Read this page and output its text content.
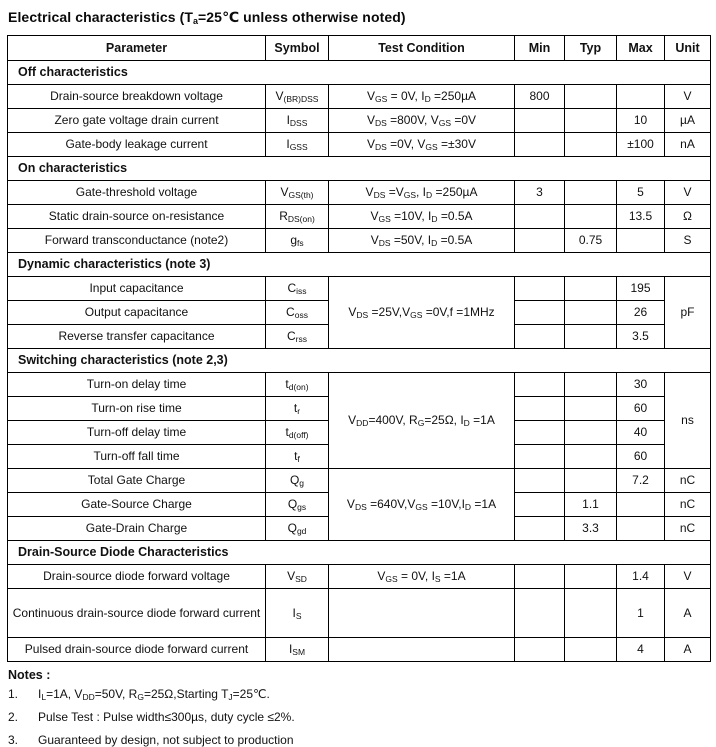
Electrical characteristics ($T_a=25℃$ unless otherwise noted)
Parameter	Symbol	Test Condition	Min	Typ	Max	Unit
Off characteristics						
Drain-source breakdown voltage	$V_{(BR)DSS}$	$V_{GS} = 0V$, $I_D =250\mu A$	800			V
Zero gate voltage drain current	$I_{DSS}$	$V_{DS} =800V$, $V_{GS} =0V$			10	µA
Gate-body leakage current	$I_{GSS}$	$V_{DS} =0V$, $V_{GS} =\pm 30V$			±100	nA
On characteristics						
Gate-threshold voltage	$V_{GS(th)}$	$V_{DS} =V_{GS}$, $I_D =250\mu A$	3		5	V
Static drain-source on-resistance	$R_{DS(on)}$	$V_{GS} =10V$, $I_D =0.5A$			13.5	Ω
Forward transconductance (note2)	$g_{fs}$	$V_{DS} =50V$, $I_D =0.5A$		0.75		S
Dynamic characteristics (note 3)						
Input capacitance	$C_{iss}$	$V_{DS} =25V,V_{GS} =0V,f =1MHz$			195	pF
Output capacitance	$C_{oss}$				26	
Reverse transfer capacitance	$C_{rss}$				3.5	
Switching characteristics (note 2,3)						
Turn-on delay time	$t_{d(on)}$	$V_{DD}=400V$, $R_G=25\Omega$, $I_D =1A$			30	ns
Turn-on rise time	$t_r$				60	
Turn-off delay time	$t_{d(off)}$				40	
Turn-off fall time	$t_f$				60	
Total Gate Charge	$Q_g$	$V_{DS} =640V,V_{GS} =10V,I_D =1A$			7.2	nC
Gate-Source Charge	$Q_{gs}$			1.1		nC
Gate-Drain Charge	$Q_{gd}$			3.3		nC
Drain-Source Diode Characteristics						
Drain-source diode forward voltage	$V_{SD}$	$V_{GS} = 0V$, $I_S =1A$			1.4	V
Continuous drain-source diode forward current	$I_S$				1	A
Pulsed drain-source diode forward current	$I_{SM}$				4	A
Notes :
1.	$I_L=1A$, $V_{DD}=50V$, $R_G=25\Omega,Starting$ $T_J=25℃$.
2.	Pulse Test : Pulse width≤300µs, duty cycle ≤2%.
3.	Guaranteed by design, not subject to production
